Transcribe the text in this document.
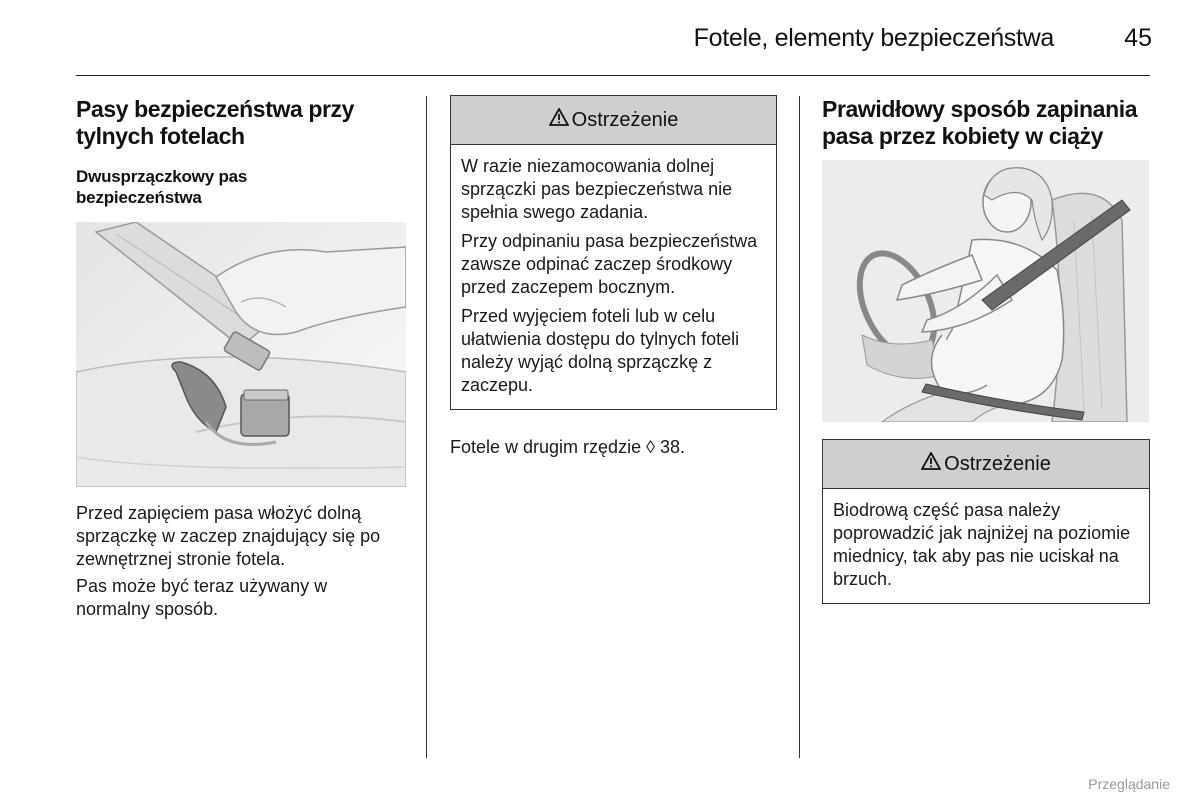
Fotele, elementy bezpieczeństwa	45
Pasy bezpieczeństwa przy tylnych fotelach
Dwusprzączkowy pas bezpieczeństwa

Przed zapięciem pasa włożyć dolną sprzączkę w zaczep znajdujący się po zewnętrznej stronie fotela.

Pas może być teraz używany w normalny sposób.

Ostrzeżenie

W razie niezamocowania dolnej sprzączki pas bezpieczeństwa nie spełnia swego zadania.

Przy odpinaniu pasa bezpieczeństwa zawsze odpinać zaczep środkowy przed zaczepem bocznym.

Przed wyjęciem foteli lub w celu ułatwienia dostępu do tylnych foteli należy wyjąć dolną sprzączkę z zaczepu.

Fotele w drugim rzędzie ◊ 38.

Prawidłowy sposób zapinania pasa przez kobiety w ciąży
Ostrzeżenie

Biodrową część pasa należy poprowadzić jak najniżej na poziomie miednicy, tak aby pas nie uciskał na brzuch.

Przeglądanie
